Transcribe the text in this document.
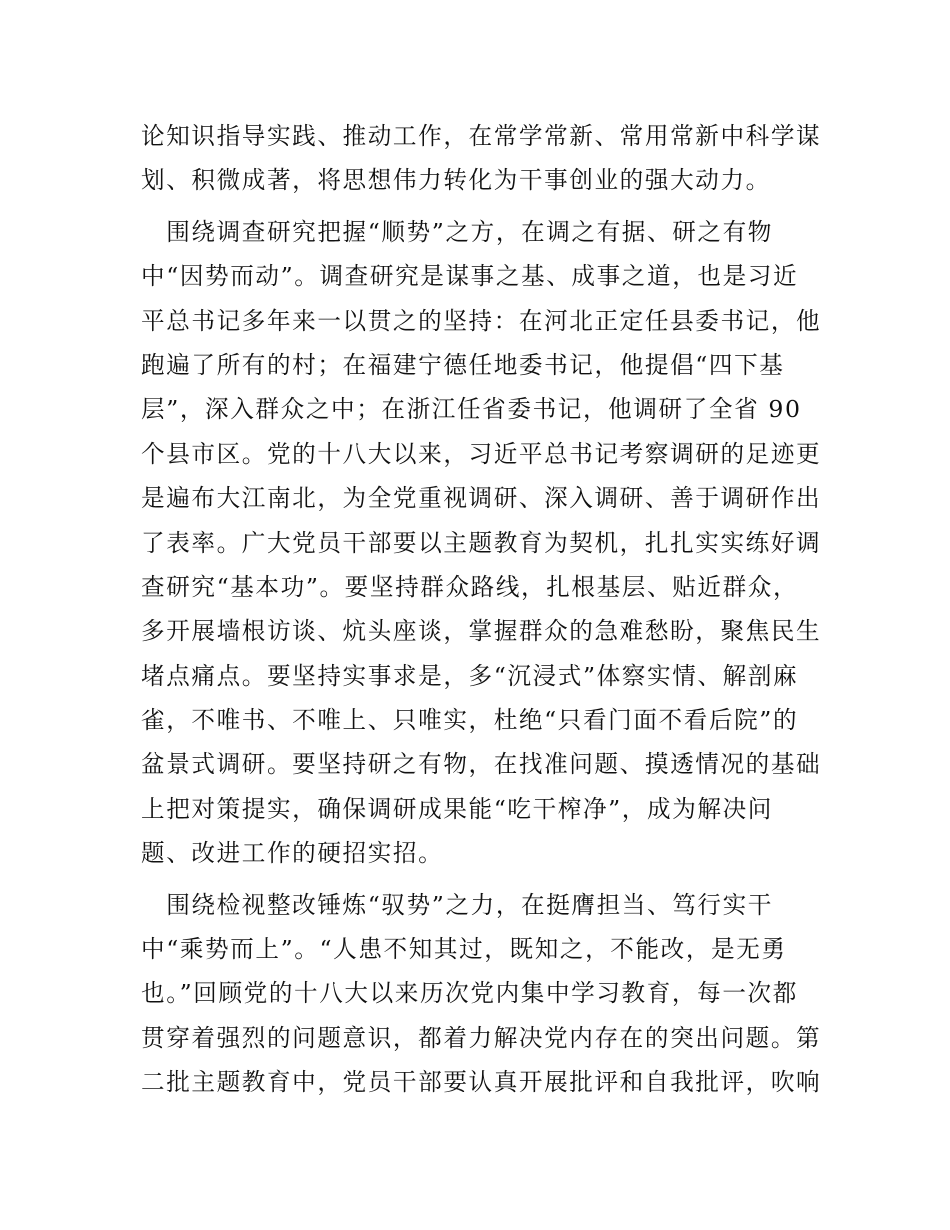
论知识指导实践、推动工作，在常学常新、常用常新中科学谋
划、积微成著，将思想伟力转化为干事创业的强大动力。
　围绕调查研究把握“顺势”之方，在调之有据、研之有物
中“因势而动”。调查研究是谋事之基、成事之道，也是习近
平总书记多年来一以贯之的坚持：在河北正定任县委书记，他
跑遍了所有的村；在福建宁德任地委书记，他提倡“四下基
层”，深入群众之中；在浙江任省委书记，他调研了全省 90
个县市区。党的十八大以来，习近平总书记考察调研的足迹更
是遍布大江南北，为全党重视调研、深入调研、善于调研作出
了表率。广大党员干部要以主题教育为契机，扎扎实实练好调
查研究“基本功”。要坚持群众路线，扎根基层、贴近群众，
多开展墙根访谈、炕头座谈，掌握群众的急难愁盼，聚焦民生
堵点痛点。要坚持实事求是，多“沉浸式”体察实情、解剖麻
雀，不唯书、不唯上、只唯实，杜绝“只看门面不看后院”的
盆景式调研。要坚持研之有物，在找准问题、摸透情况的基础
上把对策提实，确保调研成果能“吃干榨净”，成为解决问
题、改进工作的硬招实招。
　围绕检视整改锤炼“驭势”之力，在挺膺担当、笃行实干
中“乘势而上”。“人患不知其过，既知之，不能改，是无勇
也。”回顾党的十八大以来历次党内集中学习教育，每一次都
贯穿着强烈的问题意识，都着力解决党内存在的突出问题。第
二批主题教育中，党员干部要认真开展批评和自我批评，吹响
